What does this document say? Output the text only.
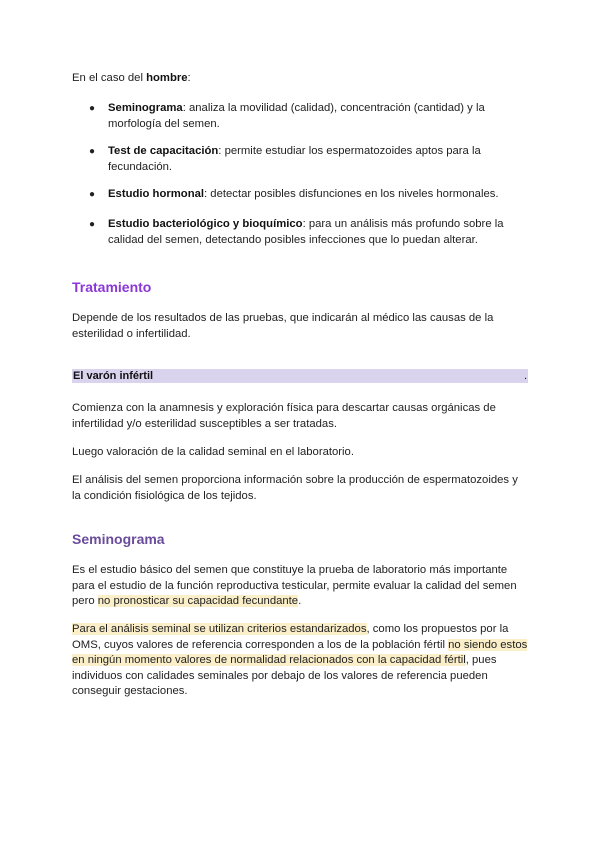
En el caso del hombre:

● Seminograma: analiza la movilidad (calidad), concentración (cantidad) y la morfología del semen.
● Test de capacitación: permite estudiar los espermatozoides aptos para la fecundación.
● Estudio hormonal: detectar posibles disfunciones en los niveles hormonales.
● Estudio bacteriológico y bioquímico: para un análisis más profundo sobre la calidad del semen, detectando posibles infecciones que lo puedan alterar.
Tratamiento

Depende de los resultados de las pruebas, que indicarán al médico las causas de la esterilidad o infertilidad.

El varón infértil	.

Comienza con la anamnesis y exploración física para descartar causas orgánicas de infertilidad y/o esterilidad susceptibles a ser tratadas.

Luego valoración de la calidad seminal en el laboratorio.

El análisis del semen proporciona información sobre la producción de espermatozoides y la condición fisiológica de los tejidos.

Seminograma

Es el estudio básico del semen que constituye la prueba de laboratorio más importante para el estudio de la función reproductiva testicular, permite evaluar la calidad del semen pero no pronosticar su capacidad fecundante.

Para el análisis seminal se utilizan criterios estandarizados, como los propuestos por la OMS, cuyos valores de referencia corresponden a los de la población fértil no siendo estos en ningún momento valores de normalidad relacionados con la capacidad fértil, pues individuos con calidades seminales por debajo de los valores de referencia pueden conseguir gestaciones.
